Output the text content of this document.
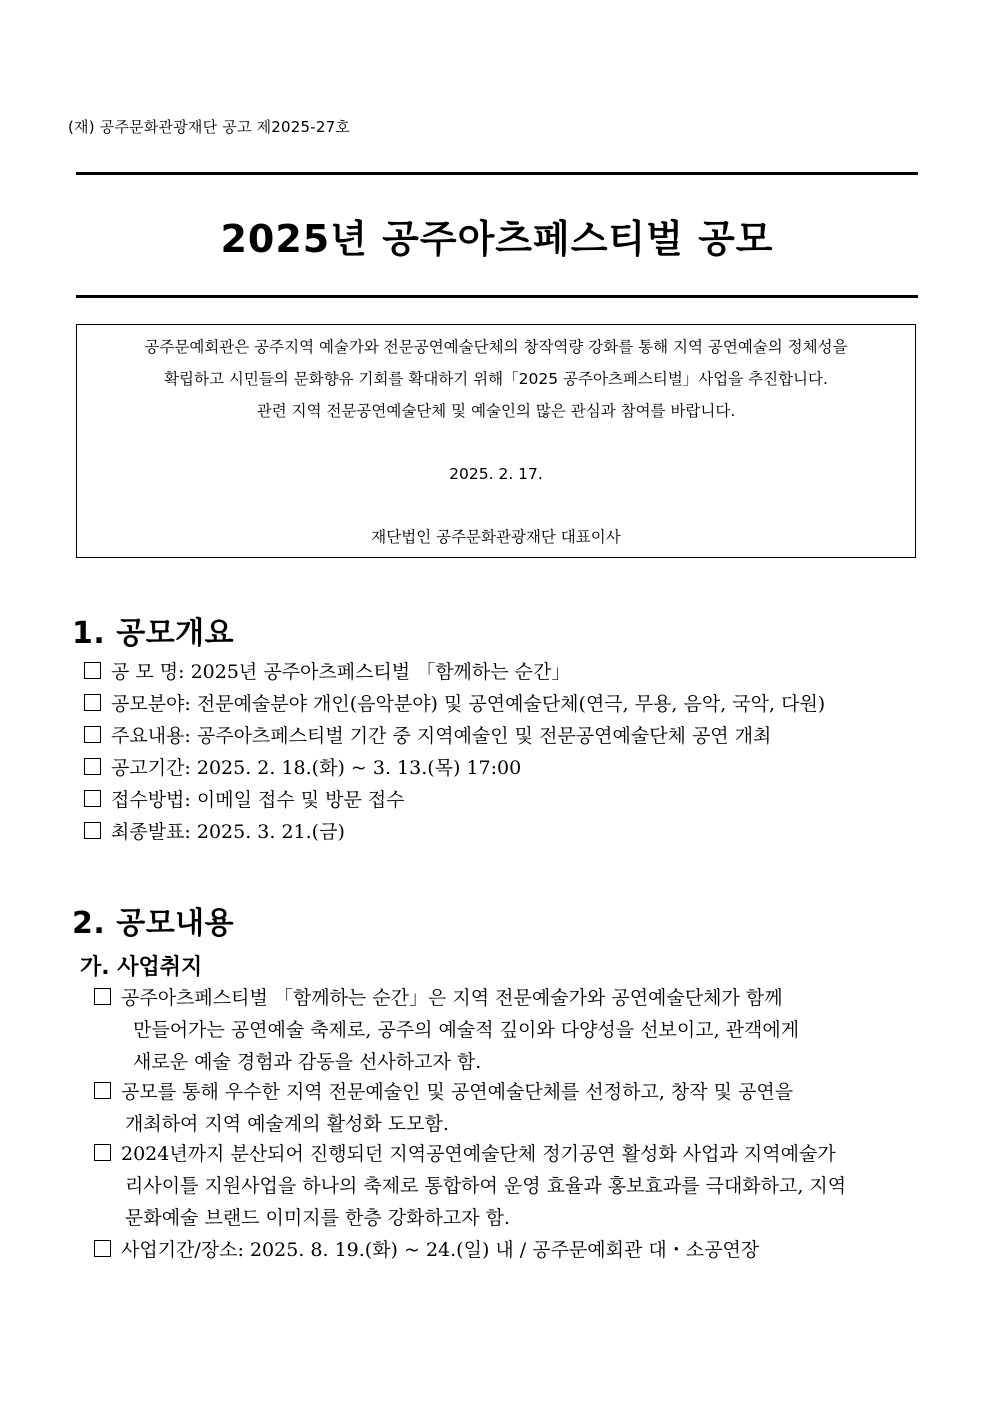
(재) 공주문화관광재단 공고 제2025-27호
2025년 공주아츠페스티벌 공모
공주문예회관은 공주지역 예술가와 전문공연예술단체의 창작역량 강화를 통해 지역 공연예술의 정체성을
확립하고 시민들의 문화향유 기회를 확대하기 위해「2025 공주아츠페스티벌」사업을 추진합니다.
관련 지역 전문공연예술단체 및 예술인의 많은 관심과 참여를 바랍니다.
2025. 2. 17.
재단법인 공주문화관광재단 대표이사
1. 공모개요
공 모 명: 2025년 공주아츠페스티벌 「함께하는 순간」
공모분야: 전문예술분야 개인(음악분야) 및 공연예술단체(연극, 무용, 음악, 국악, 다원)
주요내용: 공주아츠페스티벌 기간 중 지역예술인 및 전문공연예술단체 공연 개최
공고기간: 2025. 2. 18.(화) ~ 3. 13.(목) 17:00
접수방법: 이메일 접수 및 방문 접수
최종발표: 2025. 3. 21.(금)
2. 공모내용
가. 사업취지
공주아츠페스티벌 「함께하는 순간」은 지역 전문예술가와 공연예술단체가 함께
만들어가는 공연예술 축제로, 공주의 예술적 깊이와 다양성을 선보이고, 관객에게
새로운 예술 경험과 감동을 선사하고자 함.
공모를 통해 우수한 지역 전문예술인 및 공연예술단체를 선정하고, 창작 및 공연을
개최하여 지역 예술계의 활성화 도모함.
2024년까지 분산되어 진행되던 지역공연예술단체 정기공연 활성화 사업과 지역예술가
리사이틀 지원사업을 하나의 축제로 통합하여 운영 효율과 홍보효과를 극대화하고, 지역
문화예술 브랜드 이미지를 한층 강화하고자 함.
사업기간/장소: 2025. 8. 19.(화) ~ 24.(일) 내 / 공주문예회관 대・소공연장
